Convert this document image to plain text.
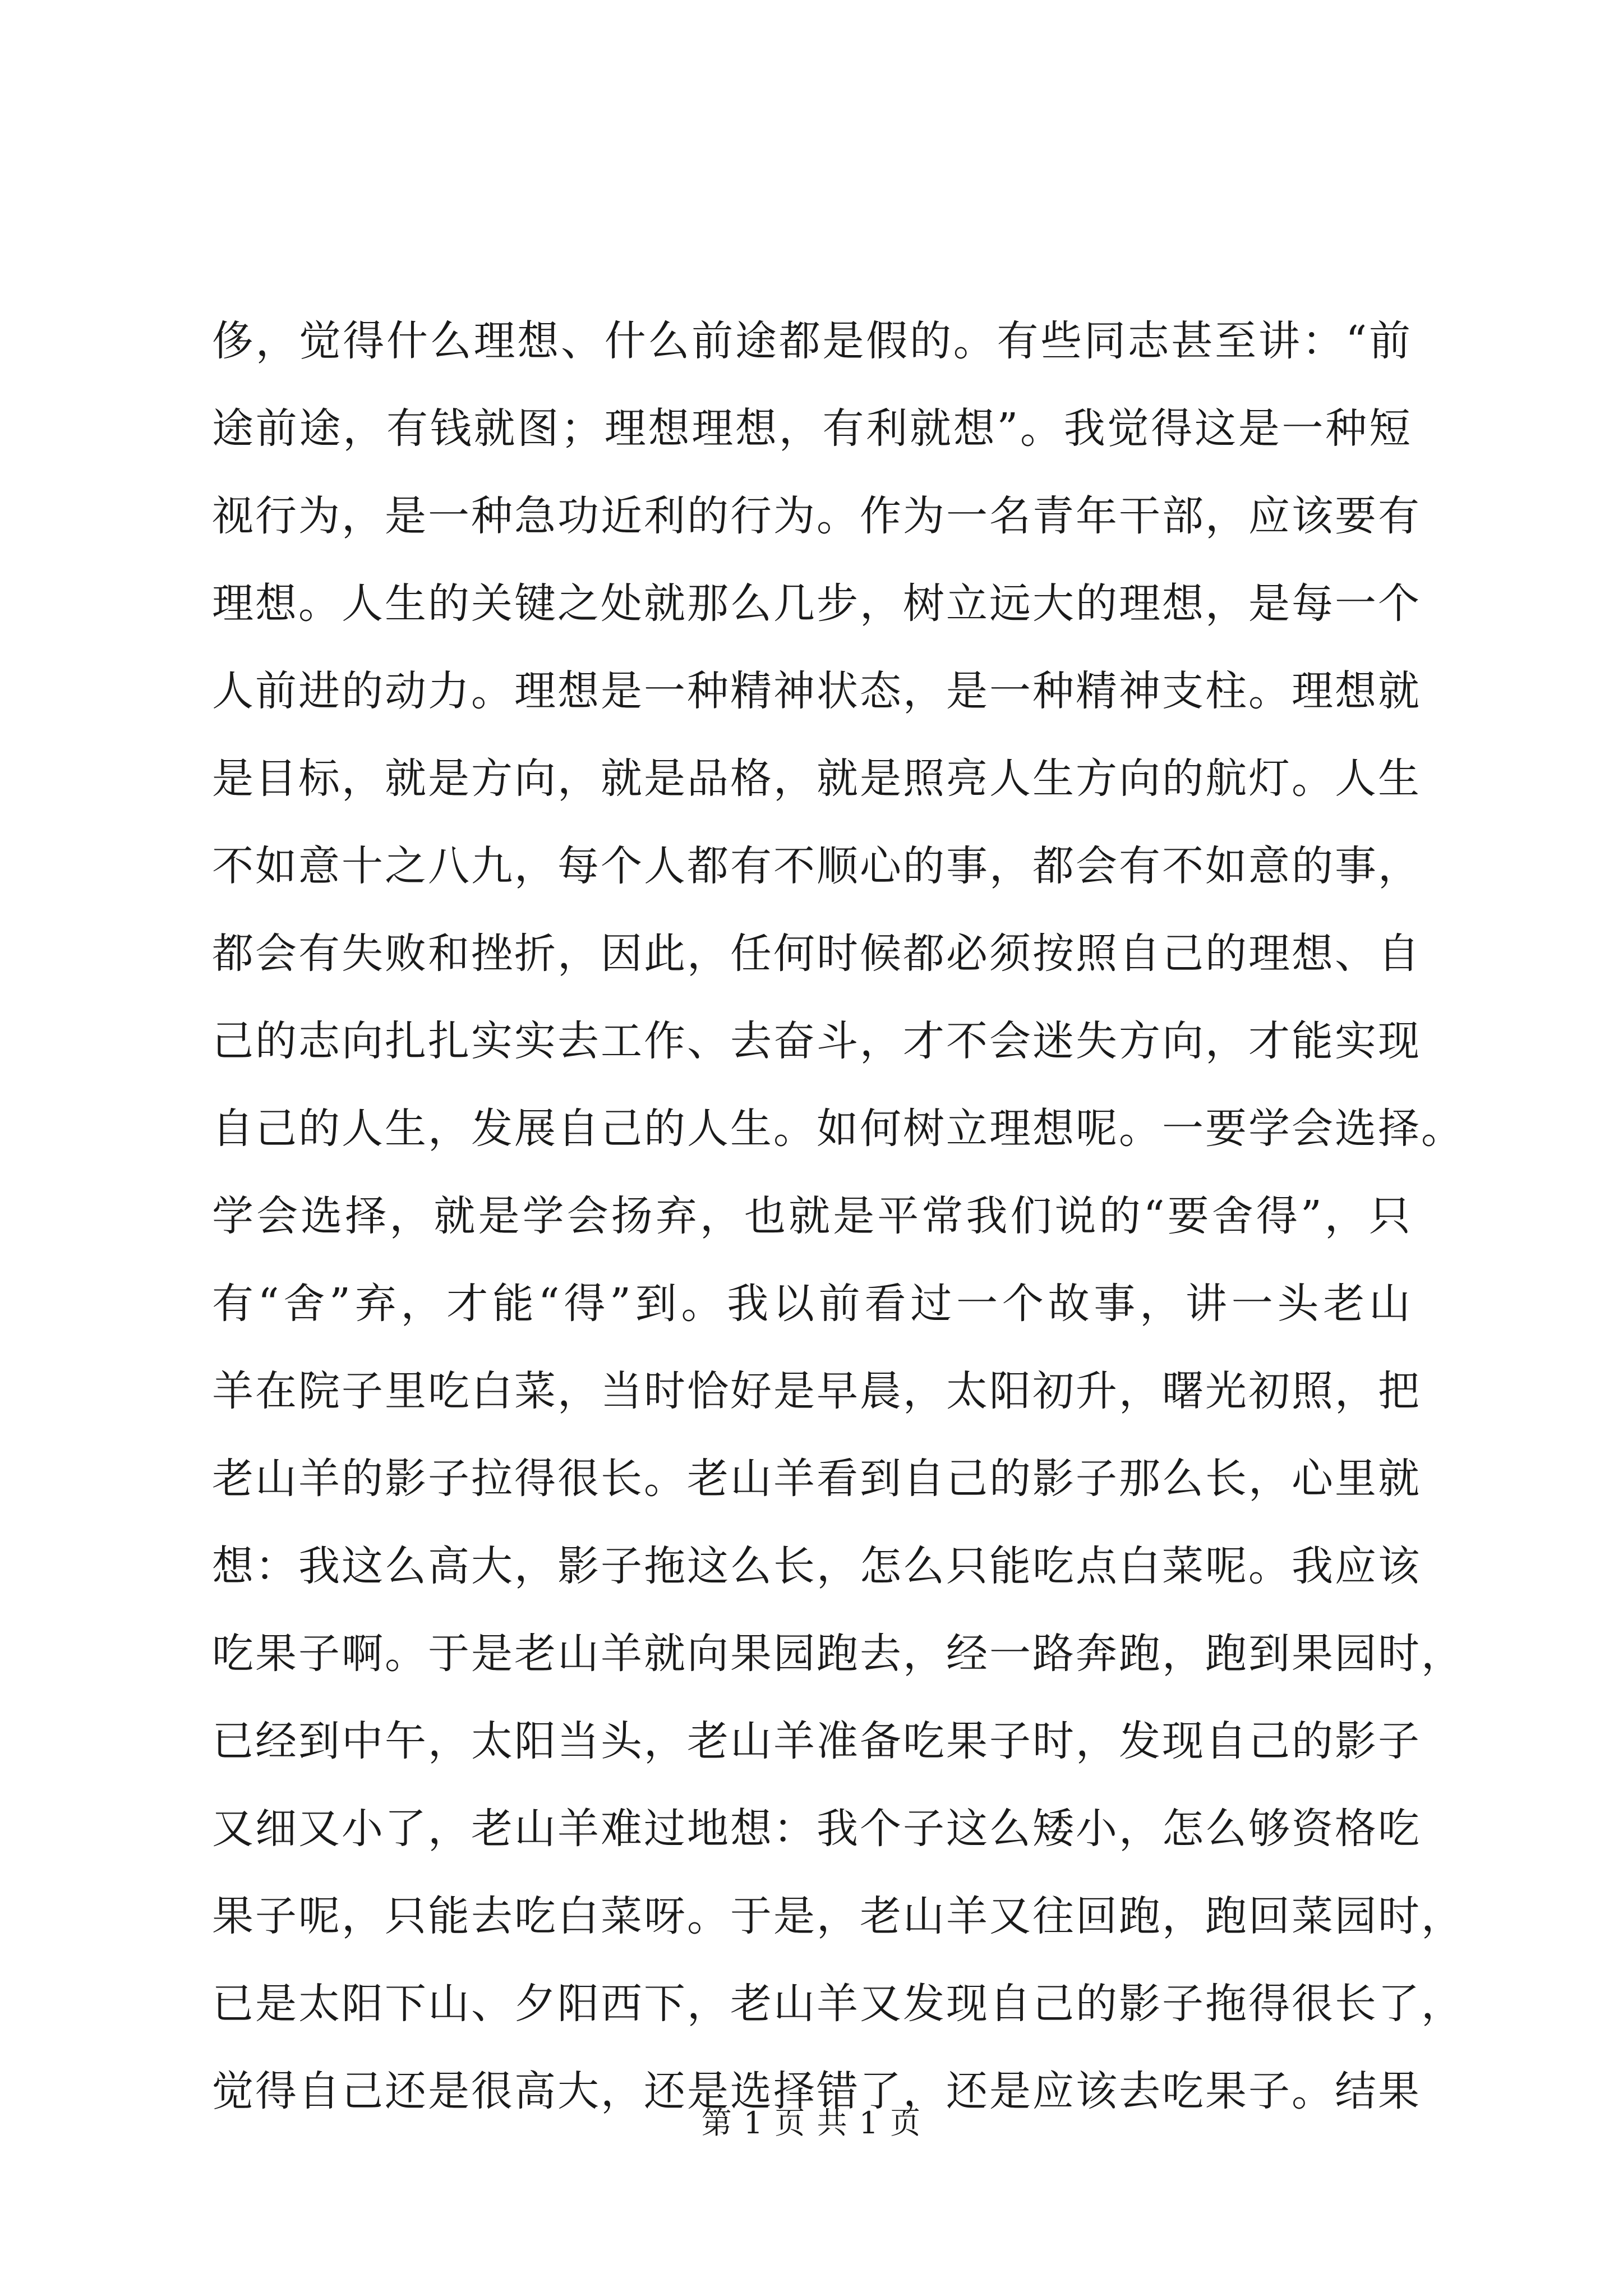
侈，觉得什么理想、什么前途都是假的。有些同志甚至讲：“前
途前途，有钱就图；理想理想，有利就想”。我觉得这是一种短
视行为，是一种急功近利的行为。作为一名青年干部，应该要有
理想。人生的关键之处就那么几步，树立远大的理想，是每一个
人前进的动力。理想是一种精神状态，是一种精神支柱。理想就
是目标，就是方向，就是品格，就是照亮人生方向的航灯。人生
不如意十之八九，每个人都有不顺心的事，都会有不如意的事，
都会有失败和挫折，因此，任何时候都必须按照自己的理想、自
己的志向扎扎实实去工作、去奋斗，才不会迷失方向，才能实现
自己的人生，发展自己的人生。如何树立理想呢。一要学会选择。
学会选择，就是学会扬弃，也就是平常我们说的“要舍得”，只
有“舍”弃，才能“得”到。我以前看过一个故事，讲一头老山
羊在院子里吃白菜，当时恰好是早晨，太阳初升，曙光初照，把
老山羊的影子拉得很长。老山羊看到自己的影子那么长，心里就
想：我这么高大，影子拖这么长，怎么只能吃点白菜呢。我应该
吃果子啊。于是老山羊就向果园跑去，经一路奔跑，跑到果园时，
已经到中午，太阳当头，老山羊准备吃果子时，发现自己的影子
又细又小了，老山羊难过地想：我个子这么矮小，怎么够资格吃
果子呢，只能去吃白菜呀。于是，老山羊又往回跑，跑回菜园时，
已是太阳下山、夕阳西下，老山羊又发现自己的影子拖得很长了，
觉得自己还是很高大，还是选择错了，还是应该去吃果子。结果
第 1 页 共 1 页
